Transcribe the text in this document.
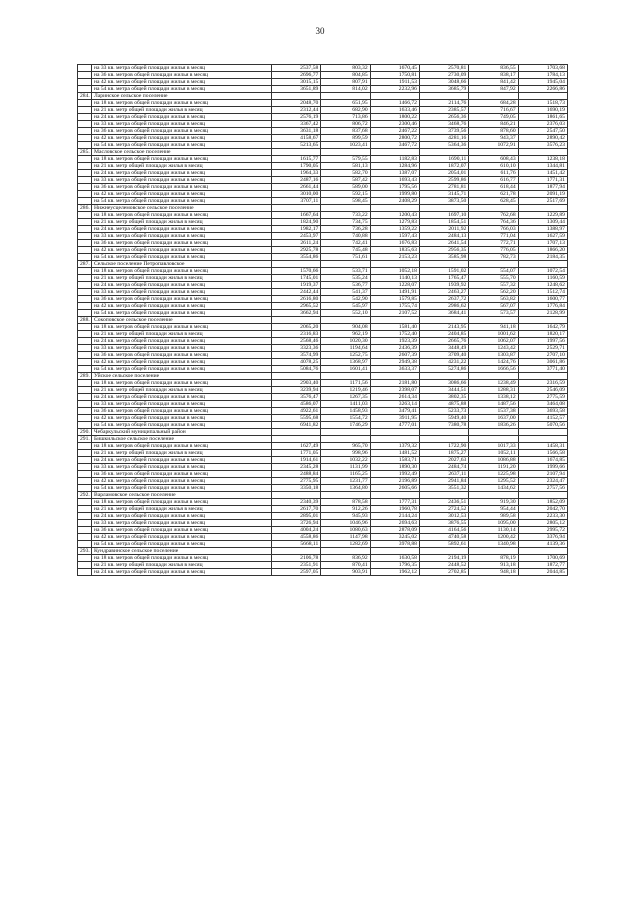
30
	на 33 кв. метра общей площади жилья в месяц	2537,58	803,32	1670,45	2570,81	836,55	1703,68
	на 36 кв. метров общей площади жилья в месяц	2696,77	804,85	1750,81	2730,09	838,17	1784,13
	на 42 кв. метра общей площади жилья в месяц	3015,15	807,91	1911,53	3048,66	841,42	1945,04
	на 54 кв. метра общей площади жилья в месяц	3651,89	814,02	2232,96	3685,79	847,92	2266,86
284.	Ларинское сельское поселение						
	на 18 кв. метров общей площади жилья в месяц	2048,70	651,95	1466,72	2114,76	684,28	1518,73
	на 21 кв. метр общей площади жилья в месяц	2312,44	682,90	1633,46	2385,57	716,67	1690,19
	на 24 кв. метра общей площади жилья в месяц	2576,19	713,86	1800,22	2656,36	749,05	1861,65
	на 33 кв. метра общей площади жилья в месяц	3367,42	806,72	2300,46	3468,76	846,21	2376,03
	на 36 кв. метров общей площади жилья в месяц	3631,18	837,68	2467,22	3739,56	878,60	2547,50
	на 42 кв. метра общей площади жилья в месяц	4158,67	899,59	2800,72	4281,16	943,37	2890,42
	на 54 кв. метра общей площади жилья в месяц	5213,65	1023,41	3467,72	5364,36	1072,91	3576,23
285.	Масловское сельское поселение						
	на 18 кв. метров общей площади жилья в месяц	1615,77	579,55	1182,83	1690,11	608,43	1238,18
	на 21 кв. метр общей площади жилья в месяц	1790,05	581,13	1284,96	1872,07	610,10	1344,81
	на 24 кв. метра общей площади жилья в месяц	1964,33	582,70	1387,07	2054,01	611,76	1451,42
	на 33 кв. метра общей площади жилья в месяц	2487,16	587,42	1693,43	2599,86	616,77	1771,31
	на 36 кв. метров общей площади жилья в месяц	2661,44	589,00	1795,56	2781,81	618,44	1877,94
	на 42 кв. метра общей площади жилья в месяц	3010,00	592,15	1999,80	3145,71	621,78	2091,19
	на 54 кв. метра общей площади жилья в месяц	3707,11	598,45	2408,29	3873,50	628,45	2517,69
286.	Нижнеусцелемовское сельское поселение						
	на 18 кв. метров общей площади жилья в месяц	1667,64	733,22	1200,43	1697,10	762,68	1229,89
	на 21 кв. метр общей площади жилья в месяц	1824,90	734,75	1279,83	1854,51	764,36	1309,44
	на 24 кв. метра общей площади жилья в месяц	1982,17	736,28	1359,22	2011,92	766,03	1388,97
	на 33 кв. метра общей площади жилья в месяц	2453,97	740,88	1597,43	2484,13	771,04	1627,59
	на 36 кв. метров общей площади жилья в месяц	2611,24	742,41	1676,83	2641,54	772,71	1707,13
	на 42 кв. метра общей площади жилья в месяц	2925,78	745,48	1835,63	2956,35	776,05	1866,20
	на 54 кв. метра общей площади жилья в месяц	3554,86	751,61	2153,23	3585,98	782,73	2184,35
287.	Сельское поселение Петропавловское						
	на 18 кв. метров общей площади жилья в месяц	1570,66	533,71	1052,18	1591,02	554,07	1072,54
	на 21 кв. метр общей площади жилья в месяц	1745,01	535,24	1140,13	1765,47	555,70	1160,59
	на 24 кв. метра общей площади жилья в месяц	1919,37	536,77	1228,07	1939,92	557,32	1248,62
	на 33 кв. метра общей площади жилья в месяц	2442,44	541,37	1491,91	2463,27	562,20	1512,74
	на 36 кв. метров общей площади жилья в месяц	2616,80	542,90	1579,85	2637,72	563,82	1600,77
	на 42 кв. метра общей площади жилья в месяц	2965,52	545,97	1755,74	2986,62	567,07	1776,84
	на 54 кв. метра общей площади жилья в месяц	3662,94	552,10	2107,52	3684,41	573,57	2128,99
288.	Сокоповское сельское поселение						
	на 18 кв. метров общей площади жилья в месяц	2065,20	904,08	1581,40	2143,95	941,18	1642,79
	на 21 кв. метр общей площади жилья в месяц	2316,83	962,19	1752,40	2404,85	1001,62	1820,17
	на 24 кв. метра общей площади жилья в месяц	2568,46	1020,30	1923,39	2665,76	1062,07	1997,56
	на 33 кв. метра общей площади жилья в месяц	3323,36	1194,64	2436,39	3448,49	1243,42	2529,71
	на 36 кв. метров общей площади жилья в месяц	3574,99	1252,75	2607,39	3709,40	1303,87	2707,10
	на 42 кв. метра общей площади жилья в месяц	4078,25	1368,97	2949,38	4231,22	1424,76	3061,86
	на 54 кв. метра общей площади жилья в месяц	5084,76	1601,41	3633,37	5274,86	1666,56	3771,40
289.	Уйское сельское поселение						
	на 18 кв. метров общей площади жилья в месяц	2903,40	1171,56	2181,80	3086,66	1238,49	2316,59
	на 21 кв. метр общей площади жилья в месяц	3239,94	1219,46	2398,07	3444,51	1288,31	2546,09
	на 24 кв. метра общей площади жилья в месяц	3576,47	1267,35	2614,34	3802,35	1338,12	2775,59
	на 33 кв. метра общей площади жилья в месяц	4586,07	1411,03	3263,14	4875,88	1487,56	3464,08
	на 36 кв. метров общей площади жилья в месяц	4922,61	1458,93	3479,41	5233,73	1537,38	3693,58
	на 42 кв. метра общей площади жилья в месяц	5595,68	1554,72	3911,95	5949,40	1637,00	4152,57
	на 54 кв. метра общей площади жилья в месяц	6941,82	1746,29	4777,01	7380,78	1836,26	5070,56
290.	Чебаркульский муниципальный район						
291.	Бишкильское сельское поселение						
	на 18 кв. метров общей площади жилья в месяц	1627,49	965,70	1379,32	1722,90	1017,33	1458,31
	на 21 кв. метр общей площади жилья в месяц	1771,05	998,96	1481,52	1875,27	1052,11	1566,58
	на 24 кв. метра общей площади жилья в месяц	1914,61	1032,22	1583,71	2027,63	1086,88	1674,85
	на 33 кв. метра общей площади жилья в месяц	2345,28	1131,99	1890,30	2484,74	1191,20	1999,66
	на 36 кв. метров общей площади жилья в месяц	2488,84	1165,25	1992,49	2637,11	1225,98	2107,94
	на 42 кв. метра общей площади жилья в месяц	2775,95	1231,77	2196,89	2941,84	1295,52	2324,47
	на 54 кв. метра общей площади жилья в месяц	3350,18	1364,80	2605,66	3551,32	1434,62	2757,56
292.	Варламовское сельское поселение						
	на 18 кв. метров общей площади жилья в месяц	2340,39	878,58	1777,31	2436,51	919,30	1852,09
	на 21 кв. метр общей площади жилья в месяц	2617,70	912,26	1960,78	2724,52	954,44	2042,70
	на 24 кв. метра общей площади жилья в месяц	2895,01	945,93	2144,24	3012,53	989,58	2233,30
	на 33 кв. метра общей площади жилья в месяц	3726,94	1046,96	2694,63	3876,55	1095,00	2805,12
	на 36 кв. метров общей площади жилья в месяц	4004,24	1080,63	2878,09	4164,56	1130,14	2995,72
	на 42 кв. метра общей площади жилья в месяц	4558,86	1147,98	3245,02	4740,58	1200,42	3376,94
	на 54 кв. метра общей площади жилья в месяц	5668,11	1282,69	3978,88	5892,61	1340,98	4139,36
293.	Кундравинское сельское поселение						
	на 18 кв. метров общей площади жилья в месяц	2106,78	836,92	1630,58	2194,19	878,19	1700,69
	на 21 кв. метр общей площади жилья в месяц	2351,91	870,41	1796,35	2448,52	913,18	1872,77
	на 24 кв. метра общей площади жилья в месяц	2597,05	903,91	1962,12	2702,85	948,18	2044,85
